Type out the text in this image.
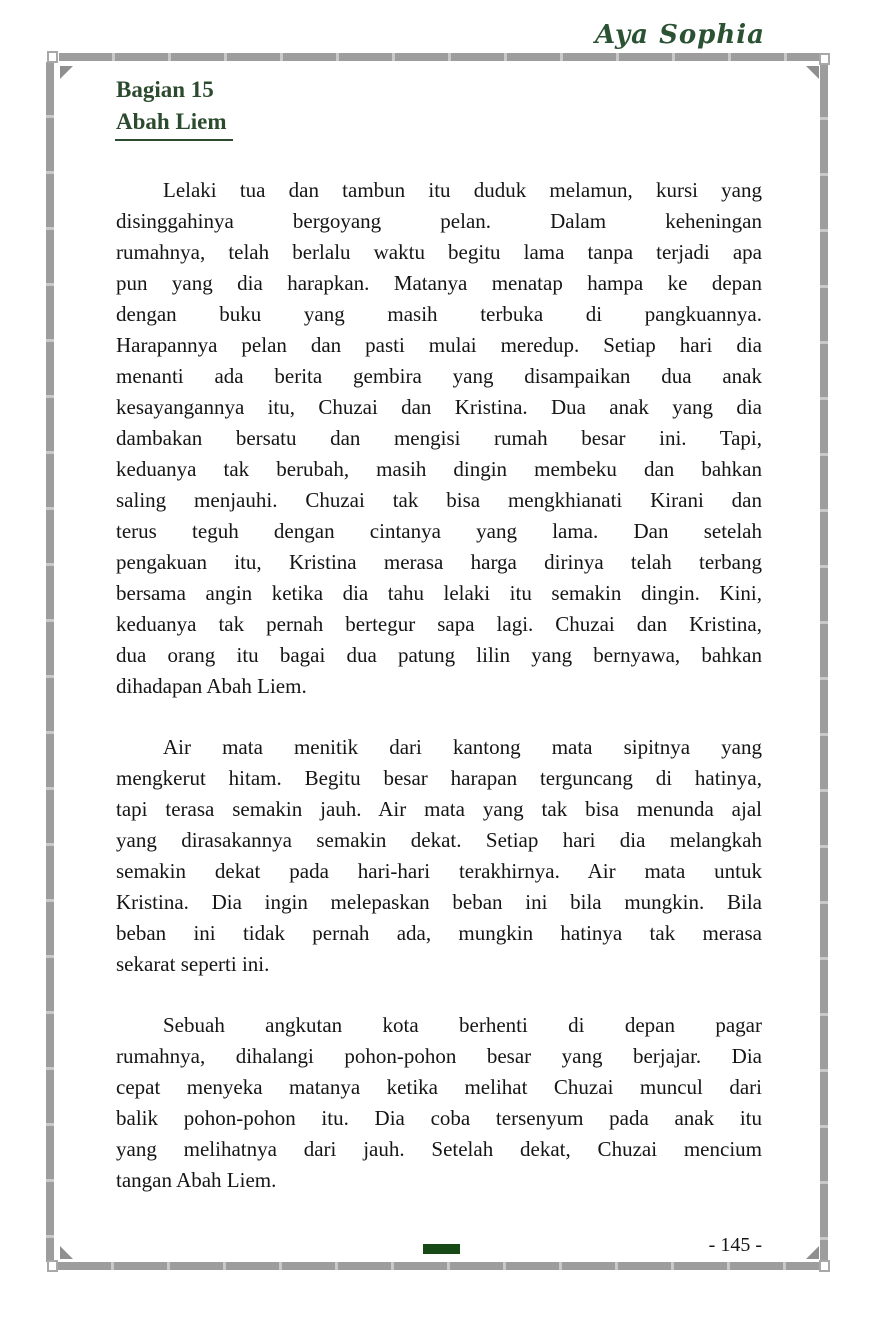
Aya Sophia
Bagian 15
Abah Liem
Lelaki tua dan tambun itu duduk melamun, kursi yang
disinggahinya bergoyang pelan. Dalam keheningan
rumahnya, telah berlalu waktu begitu lama tanpa terjadi apa
pun yang dia harapkan. Matanya menatap hampa ke depan
dengan buku yang masih terbuka di pangkuannya.
Harapannya pelan dan pasti mulai meredup. Setiap hari dia
menanti ada berita gembira yang disampaikan dua anak
kesayangannya itu, Chuzai dan Kristina. Dua anak yang dia
dambakan bersatu dan mengisi rumah besar ini. Tapi,
keduanya tak berubah, masih dingin membeku dan bahkan
saling menjauhi. Chuzai tak bisa mengkhianati Kirani dan
terus teguh dengan cintanya yang lama. Dan setelah
pengakuan itu, Kristina merasa harga dirinya telah terbang
bersama angin ketika dia tahu lelaki itu semakin dingin. Kini,
keduanya tak pernah bertegur sapa lagi. Chuzai dan Kristina,
dua orang itu bagai dua patung lilin yang bernyawa, bahkan
dihadapan Abah Liem.
Air mata menitik dari kantong mata sipitnya yang
mengkerut hitam. Begitu besar harapan terguncang di hatinya,
tapi terasa semakin jauh. Air mata yang tak bisa menunda ajal
yang dirasakannya semakin dekat. Setiap hari dia melangkah
semakin dekat pada hari-hari terakhirnya. Air mata untuk
Kristina. Dia ingin melepaskan beban ini bila mungkin. Bila
beban ini tidak pernah ada, mungkin hatinya tak merasa
sekarat seperti ini.
Sebuah angkutan kota berhenti di depan pagar
rumahnya, dihalangi pohon-pohon besar yang berjajar. Dia
cepat menyeka matanya ketika melihat Chuzai muncul dari
balik pohon-pohon itu. Dia coba tersenyum pada anak itu
yang melihatnya dari jauh. Setelah dekat, Chuzai mencium
tangan Abah Liem.
- 145 -
